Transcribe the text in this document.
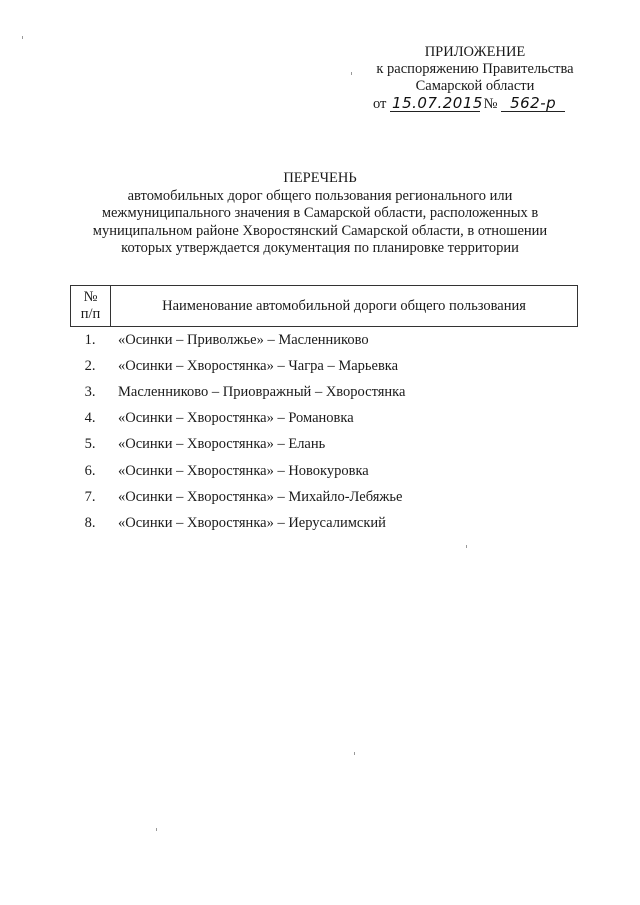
ПРИЛОЖЕНИЕ
к распоряжению Правительства
Самарской области
от 15.07.2015 № 562-р
ПЕРЕЧЕНЬ
автомобильных дорог общего пользования регионального или
межмуниципального значения в Самарской области, расположенных в
муниципальном районе Хворостянский Самарской области, в отношении
которых утверждается документация по планировке территории
№
п/п	Наименование автомобильной дороги общего пользования
1.	«Осинки – Приволжье» – Масленниково
2.	«Осинки – Хворостянка» – Чагра – Марьевка
3.	Масленниково – Приовражный – Хворостянка
4.	«Осинки – Хворостянка» – Романовка
5.	«Осинки – Хворостянка» – Елань
6.	«Осинки – Хворостянка» – Новокуровка
7.	«Осинки – Хворостянка» – Михайло-Лебяжье
8.	«Осинки – Хворостянка» – Иерусалимский
